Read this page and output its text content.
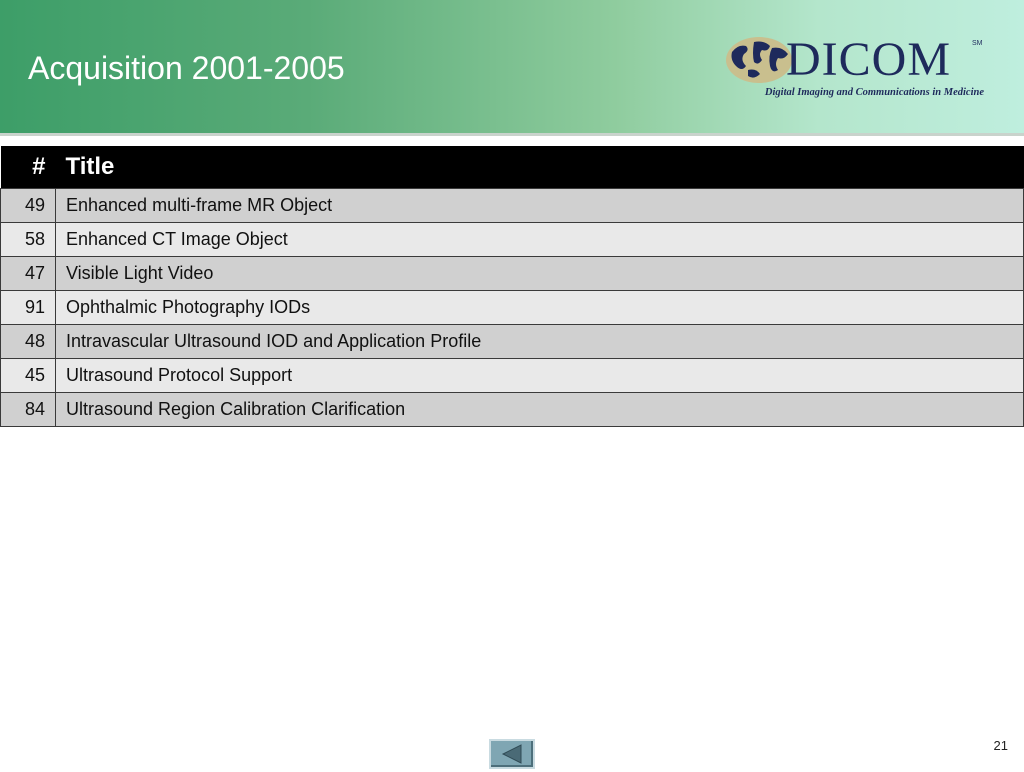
Acquisition 2001-2005	DICOM	SM
Digital Imaging and Communications in Medicine
#	Title
49	Enhanced multi-frame MR Object
58	Enhanced CT Image Object
47	Visible Light Video
91	Ophthalmic Photography IODs
48	Intravascular Ultrasound IOD and Application Profile
45	Ultrasound Protocol Support
84	Ultrasound Region Calibration Clarification
21
